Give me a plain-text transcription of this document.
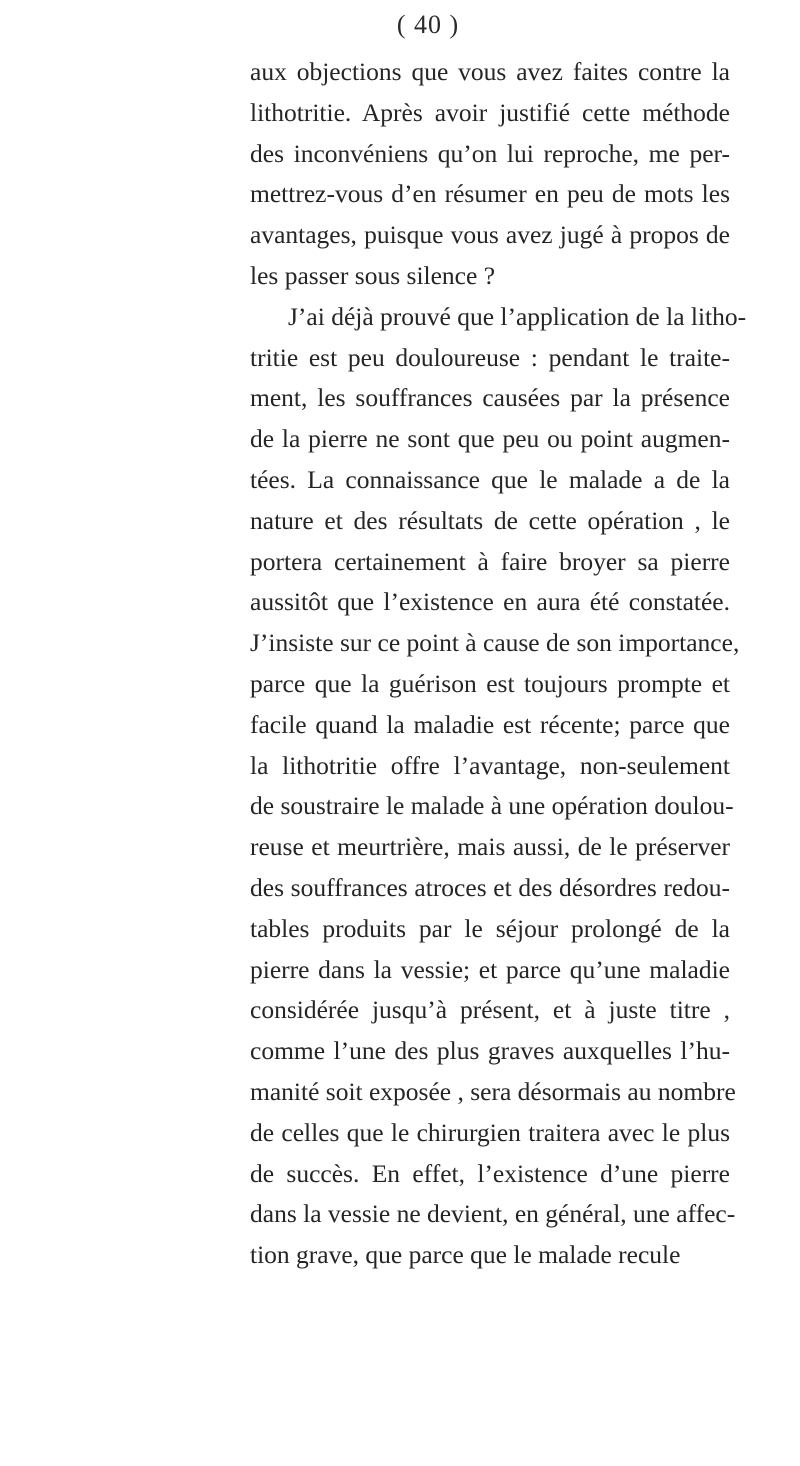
( 40 )
aux objections que vous avez faites contre la
lithotritie. Après avoir justifié cette méthode
des inconvéniens qu’on lui reproche, me per-
mettrez-vous d’en résumer en peu de mots les
avantages, puisque vous avez jugé à propos de
les passer sous silence ?
J’ai déjà prouvé que l’application de la litho-
tritie est peu douloureuse : pendant le traite-
ment, les souffrances causées par la présence
de la pierre ne sont que peu ou point augmen-
tées. La connaissance que le malade a de la
nature et des résultats de cette opération , le
portera certainement à faire broyer sa pierre
aussitôt que l’existence en aura été constatée.
J’insiste sur ce point à cause de son importance,
parce que la guérison est toujours prompte et
facile quand la maladie est récente; parce que
la lithotritie offre l’avantage, non-seulement
de soustraire le malade à une opération doulou-
reuse et meurtrière, mais aussi, de le préserver
des souffrances atroces et des désordres redou-
tables produits par le séjour prolongé de la
pierre dans la vessie; et parce qu’une maladie
considérée jusqu’à présent, et à juste titre ,
comme l’une des plus graves auxquelles l’hu-
manité soit exposée , sera désormais au nombre
de celles que le chirurgien traitera avec le plus
de succès. En effet, l’existence d’une pierre
dans la vessie ne devient, en général, une affec-
tion grave, que parce que le malade recule
